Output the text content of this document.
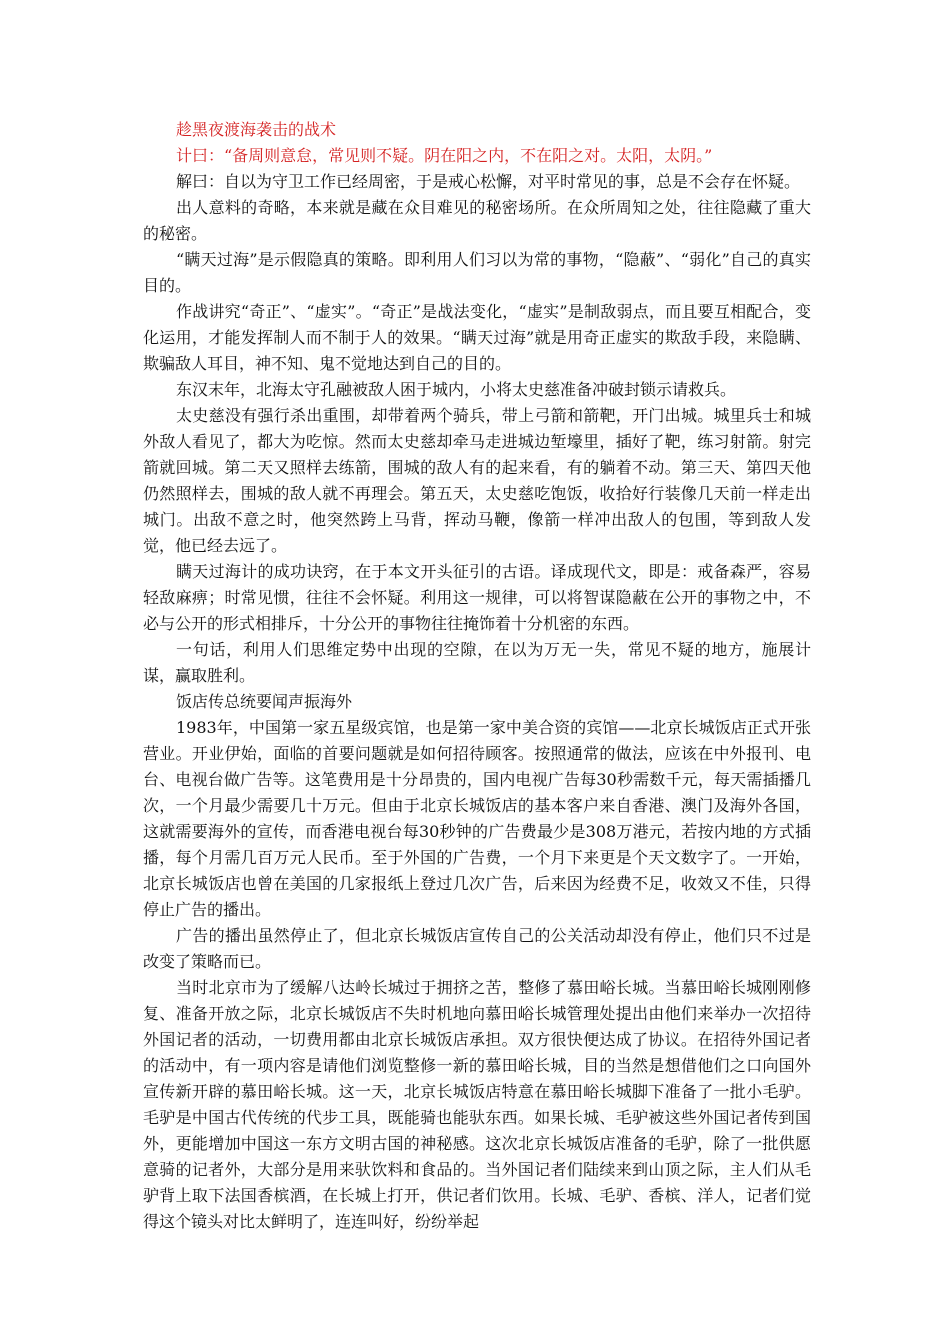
趁黑夜渡海袭击的战术

计曰：“备周则意怠，常见则不疑。阴在阳之内，不在阳之对。太阳，太阴。”

解曰：自以为守卫工作已经周密，于是戒心松懈，对平时常见的事，总是不会存在怀疑。

出人意料的奇略，本来就是藏在众目难见的秘密场所。在众所周知之处，往往隐藏了重大的秘密。

“瞒天过海”是示假隐真的策略。即利用人们习以为常的事物，“隐蔽”、“弱化”自己的真实目的。

作战讲究“奇正”、“虚实”。“奇正”是战法变化，“虚实”是制敌弱点，而且要互相配合，变化运用，才能发挥制人而不制于人的效果。“瞒天过海”就是用奇正虚实的欺敌手段，来隐瞒、欺骗敌人耳目，神不知、鬼不觉地达到自己的目的。

东汉末年，北海太守孔融被敌人困于城内，小将太史慈准备冲破封锁示请救兵。

太史慈没有强行杀出重围，却带着两个骑兵，带上弓箭和箭靶，开门出城。城里兵士和城外敌人看见了，都大为吃惊。然而太史慈却牵马走进城边堑壕里，插好了靶，练习射箭。射完箭就回城。第二天又照样去练箭，围城的敌人有的起来看，有的躺着不动。第三天、第四天他仍然照样去，围城的敌人就不再理会。第五天，太史慈吃饱饭，收拾好行装像几天前一样走出城门。出敌不意之时，他突然跨上马背，挥动马鞭，像箭一样冲出敌人的包围，等到敌人发觉，他已经去远了。

瞒天过海计的成功诀窍，在于本文开头征引的古语。译成现代文，即是：戒备森严，容易轻敌麻痹；时常见惯，往往不会怀疑。利用这一规律，可以将智谋隐蔽在公开的事物之中，不必与公开的形式相排斥，十分公开的事物往往掩饰着十分机密的东西。

一句话，利用人们思维定势中出现的空隙，在以为万无一失，常见不疑的地方，施展计谋，赢取胜利。

饭店传总统要闻声振海外

1983年，中国第一家五星级宾馆，也是第一家中美合资的宾馆——北京长城饭店正式开张营业。开业伊始，面临的首要问题就是如何招待顾客。按照通常的做法，应该在中外报刊、电台、电视台做广告等。这笔费用是十分昂贵的，国内电视广告每30秒需数千元，每天需插播几次，一个月最少需要几十万元。但由于北京长城饭店的基本客户来自香港、澳门及海外各国，这就需要海外的宣传，而香港电视台每30秒钟的广告费最少是308万港元，若按内地的方式插播，每个月需几百万元人民币。至于外国的广告费，一个月下来更是个天文数字了。一开始，北京长城饭店也曾在美国的几家报纸上登过几次广告，后来因为经费不足，收效又不佳，只得停止广告的播出。

广告的播出虽然停止了，但北京长城饭店宣传自己的公关活动却没有停止，他们只不过是改变了策略而已。

当时北京市为了缓解八达岭长城过于拥挤之苦，整修了慕田峪长城。当慕田峪长城刚刚修复、准备开放之际，北京长城饭店不失时机地向慕田峪长城管理处提出由他们来举办一次招待外国记者的活动，一切费用都由北京长城饭店承担。双方很快便达成了协议。在招待外国记者的活动中，有一项内容是请他们浏览整修一新的慕田峪长城，目的当然是想借他们之口向国外宣传新开辟的慕田峪长城。这一天，北京长城饭店特意在慕田峪长城脚下准备了一批小毛驴。毛驴是中国古代传统的代步工具，既能骑也能驮东西。如果长城、毛驴被这些外国记者传到国外，更能增加中国这一东方文明古国的神秘感。这次北京长城饭店准备的毛驴，除了一批供愿意骑的记者外，大部分是用来驮饮料和食品的。当外国记者们陆续来到山顶之际，主人们从毛驴背上取下法国香槟酒，在长城上打开，供记者们饮用。长城、毛驴、香槟、洋人，记者们觉得这个镜头对比太鲜明了，连连叫好，纷纷举起
